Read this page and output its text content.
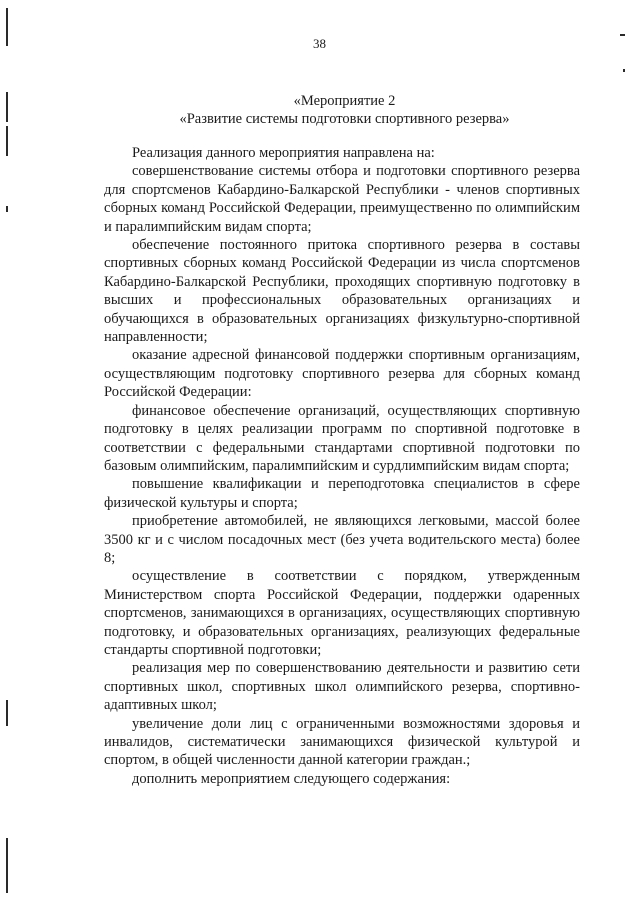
38
«Мероприятие 2
«Развитие системы подготовки спортивного резерва»

Реализация данного мероприятия направлена на:

совершенствование системы отбора и подготовки спортивного резерва для спортсменов Кабардино-Балкарской Республики - членов спортивных сборных команд Российской Федерации, преимущественно по олимпийским и паралимпийским видам спорта;

обеспечение постоянного притока спортивного резерва в составы спортивных сборных команд Российской Федерации из числа спортсменов Кабардино-Балкарской Республики, проходящих спортивную подготовку в высших и профессиональных образовательных организациях и обучающихся в образовательных организациях физкультурно-спортивной направленности;

оказание адресной финансовой поддержки спортивным организациям, осуществляющим подготовку спортивного резерва для сборных команд Российской Федерации:

финансовое обеспечение организаций, осуществляющих спортивную подготовку в целях реализации программ по спортивной подготовке в соответствии с федеральными стандартами спортивной подготовки по базовым олимпийским, паралимпийским и сурдлимпийским видам спорта;

повышение квалификации и переподготовка специалистов в сфере физической культуры и спорта;

приобретение автомобилей, не являющихся легковыми, массой более 3500 кг и с числом посадочных мест (без учета водительского места) более 8;

осуществление в соответствии с порядком, утвержденным Министерством спорта Российской Федерации, поддержки одаренных спортсменов, занимающихся в организациях, осуществляющих спортивную подготовку, и образовательных организациях, реализующих федеральные стандарты спортивной подготовки;

реализация мер по совершенствованию деятельности и развитию сети спортивных школ, спортивных школ олимпийского резерва, спортивно-адаптивных школ;

увеличение доли лиц с ограниченными возможностями здоровья и инвалидов, систематически занимающихся физической культурой и спортом, в общей численности данной категории граждан.;

дополнить мероприятием следующего содержания:
